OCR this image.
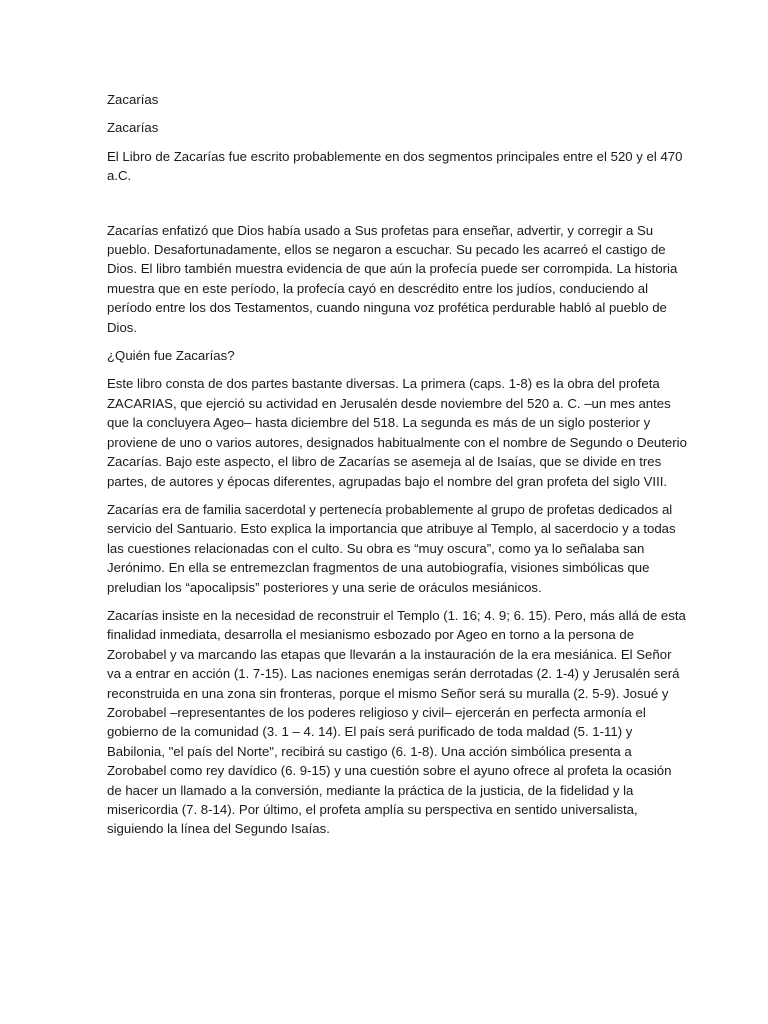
Zacarías

Zacarías

El Libro de Zacarías fue escrito probablemente en dos segmentos principales entre el 520 y el 470 a.C.

Zacarías enfatizó que Dios había usado a Sus profetas para enseñar, advertir, y corregir a Su pueblo. Desafortunadamente, ellos se negaron a escuchar. Su pecado les acarreó el castigo de Dios. El libro también muestra evidencia de que aún la profecía puede ser corrompida. La historia muestra que en este período, la profecía cayó en descrédito entre los judíos, conduciendo al período entre los dos Testamentos, cuando ninguna voz profética perdurable habló al pueblo de Dios.

¿Quién fue Zacarías?

Este libro consta de dos partes bastante diversas. La primera (caps. 1-8) es la obra del profeta ZACARIAS, que ejerció su actividad en Jerusalén desde noviembre del 520 a. C. –un mes antes que la concluyera Ageo– hasta diciembre del 518. La segunda es más de un siglo posterior y proviene de uno o varios autores, designados habitualmente con el nombre de Segundo o Deuterio Zacarías. Bajo este aspecto, el libro de Zacarías se asemeja al de Isaías, que se divide en tres partes, de autores y épocas diferentes, agrupadas bajo el nombre del gran profeta del siglo VIII.

Zacarías era de familia sacerdotal y pertenecía probablemente al grupo de profetas dedicados al servicio del Santuario. Esto explica la importancia que atribuye al Templo, al sacerdocio y a todas las cuestiones relacionadas con el culto. Su obra es “muy oscura”, como ya lo señalaba san Jerónimo. En ella se entremezclan fragmentos de una autobiografía, visiones simbólicas que preludian los “apocalipsis” posteriores y una serie de oráculos mesiánicos.

Zacarías insiste en la necesidad de reconstruir el Templo (1. 16; 4. 9; 6. 15). Pero, más allá de esta finalidad inmediata, desarrolla el mesianismo esbozado por Ageo en torno a la persona de Zorobabel y va marcando las etapas que llevarán a la instauración de la era mesiánica. El Señor va a entrar en acción (1. 7-15). Las naciones enemigas serán derrotadas (2. 1-4) y Jerusalén será reconstruida en una zona sin fronteras, porque el mismo Señor será su muralla (2. 5-9). Josué y Zorobabel –representantes de los poderes religioso y civil– ejercerán en perfecta armonía el gobierno de la comunidad (3. 1 – 4. 14). El país será purificado de toda maldad (5. 1-11) y Babilonia, "el país del Norte", recibirá su castigo (6. 1-8). Una acción simbólica presenta a Zorobabel como rey davídico (6. 9-15) y una cuestión sobre el ayuno ofrece al profeta la ocasión de hacer un llamado a la conversión, mediante la práctica de la justicia, de la fidelidad y la misericordia (7. 8-14). Por último, el profeta amplía su perspectiva en sentido universalista, siguiendo la línea del Segundo Isaías.
